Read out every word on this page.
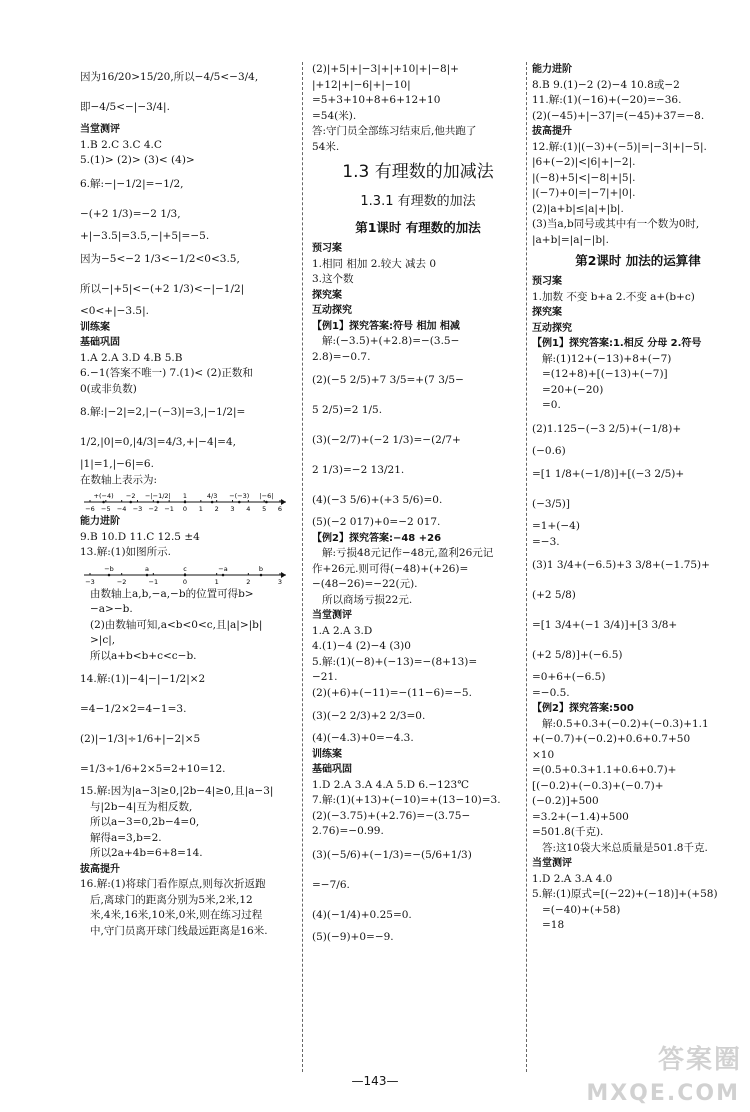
因为16/20>15/20,所以−4/5<−3/4,
即−4/5<−|−3/4|.
当堂测评
1.B 2.C 3.C 4.C
5.(1)> (2)> (3)< (4)>
6.解:−|−1/2|=−1/2,
−(+2 1/3)=−2 1/3,
+|−3.5|=3.5,−|+5|=−5.
因为−5<−2 1/3<−1/2<0<3.5,
所以−|+5|<−(+2 1/3)<−|−1/2|
<0<+|−3.5|.
训练案
基础巩固
1.A 2.A 3.D 4.B 5.B
6.−1(答案不唯一) 7.(1)< (2)正数和
0(或非负数)
8.解:|−2|=2,|−(−3)|=3,|−1/2|=
1/2,|0|=0,|4/3|=4/3,+|−4|=4,
|1|=1,|−6|=6.
在数轴上表示为:
−6 −5 −4 −3 −2 −1 0 1 2 3 4 5 6
+(−4) −2 −|−1/2| 1	4/3 −(−3) |−6|
能力进阶
9.B 10.D 11.C 12.5 ±4
13.解:(1)如图所示.
−3	−2	−1	0	1	2	3
−b	a	c	−a	b
由数轴上a,b,−a,−b的位置可得b>
−a>−b.
(2)由数轴可知,a<b<0<c,且|a|>|b|
>|c|,
所以a+b<b+c<c−b.
14.解:(1)|−4|−|−1/2|×2
=4−1/2×2=4−1=3.
(2)|−1/3|÷1/6+|−2|×5
=1/3÷1/6+2×5=2+10=12.
15.解:因为|a−3|≥0,|2b−4|≥0,且|a−3|
与|2b−4|互为相反数,
所以a−3=0,2b−4=0,
解得a=3,b=2.
所以2a+4b=6+8=14.
拔高提升
16.解:(1)将球门看作原点,则每次折返跑
后,离球门的距离分别为5米,2米,12
米,4米,16米,10米,0米,则在练习过程
中,守门员离开球门线最远距离是16米.
(2)|+5|+|−3|+|+10|+|−8|+
|+12|+|−6|+|−10|
=5+3+10+8+6+12+10
=54(米).
答:守门员全部练习结束后,他共跑了
54米.
1.3 有理数的加减法
1.3.1 有理数的加法
第1课时 有理数的加法
预习案
1.相同 相加 2.较大 减去 0
3.这个数
探究案
互动探究
【例1】探究答案:符号 相加 相减
解:(−3.5)+(+2.8)=−(3.5−
2.8)=−0.7.
(2)(−5 2/5)+7 3/5=+(7 3/5−
5 2/5)=2 1/5.
(3)(−2/7)+(−2 1/3)=−(2/7+
2 1/3)=−2 13/21.
(4)(−3 5/6)+(+3 5/6)=0.
(5)(−2 017)+0=−2 017.
【例2】探究答案:−48 +26
解:亏损48元记作−48元,盈利26元记
作+26元.则可得(−48)+(+26)=
−(48−26)=−22(元).
所以商场亏损22元.
当堂测评
1.A 2.A 3.D
4.(1)−4 (2)−4 (3)0
5.解:(1)(−8)+(−13)=−(8+13)=
−21.
(2)(+6)+(−11)=−(11−6)=−5.
(3)(−2 2/3)+2 2/3=0.
(4)(−4.3)+0=−4.3.
训练案
基础巩固
1.D 2.A 3.A 4.A 5.D 6.−123℃
7.解:(1)(+13)+(−10)=+(13−10)=3.
(2)(−3.75)+(+2.76)=−(3.75−
2.76)=−0.99.
(3)(−5/6)+(−1/3)=−(5/6+1/3)
=−7/6.
(4)(−1/4)+0.25=0.
(5)(−9)+0=−9.
能力进阶
8.B 9.(1)−2 (2)−4 10.8或−2
11.解:(1)(−16)+(−20)=−36.
(2)(−45)+|−37|=(−45)+37=−8.
拔高提升
12.解:(1)|(−3)+(−5)|=|−3|+|−5|.
|6+(−2)|<|6|+|−2|.
|(−8)+5|<|−8|+|5|.
|(−7)+0|=|−7|+|0|.
(2)|a+b|≤|a|+|b|.
(3)当a,b同号或其中有一个数为0时,
|a+b|=|a|−|b|.
第2课时 加法的运算律
预习案
1.加数 不变 b+a 2.不变 a+(b+c)
探究案
互动探究
【例1】探究答案:1.相反 分母 2.符号
解:(1)12+(−13)+8+(−7)
=(12+8)+[(−13)+(−7)]
=20+(−20)
=0.
(2)1.125−(−3 2/5)+(−1/8)+
(−0.6)
=[1 1/8+(−1/8)]+[(−3 2/5)+
(−3/5)]
=1+(−4)
=−3.
(3)1 3/4+(−6.5)+3 3/8+(−1.75)+
(+2 5/8)
=[1 3/4+(−1 3/4)]+[3 3/8+
(+2 5/8)]+(−6.5)
=0+6+(−6.5)
=−0.5.
【例2】探究答案:500
解:0.5+0.3+(−0.2)+(−0.3)+1.1
+(−0.7)+(−0.2)+0.6+0.7+50
×10
=(0.5+0.3+1.1+0.6+0.7)+
[(−0.2)+(−0.3)+(−0.7)+
(−0.2)]+500
=3.2+(−1.4)+500
=501.8(千克).
答:这10袋大米总质量是501.8千克.
当堂测评
1.D 2.A 3.A 4.0
5.解:(1)原式=[(−22)+(−18)]+(+58)
=(−40)+(+58)
=18
—143—
答案圈
MXQE.COM
